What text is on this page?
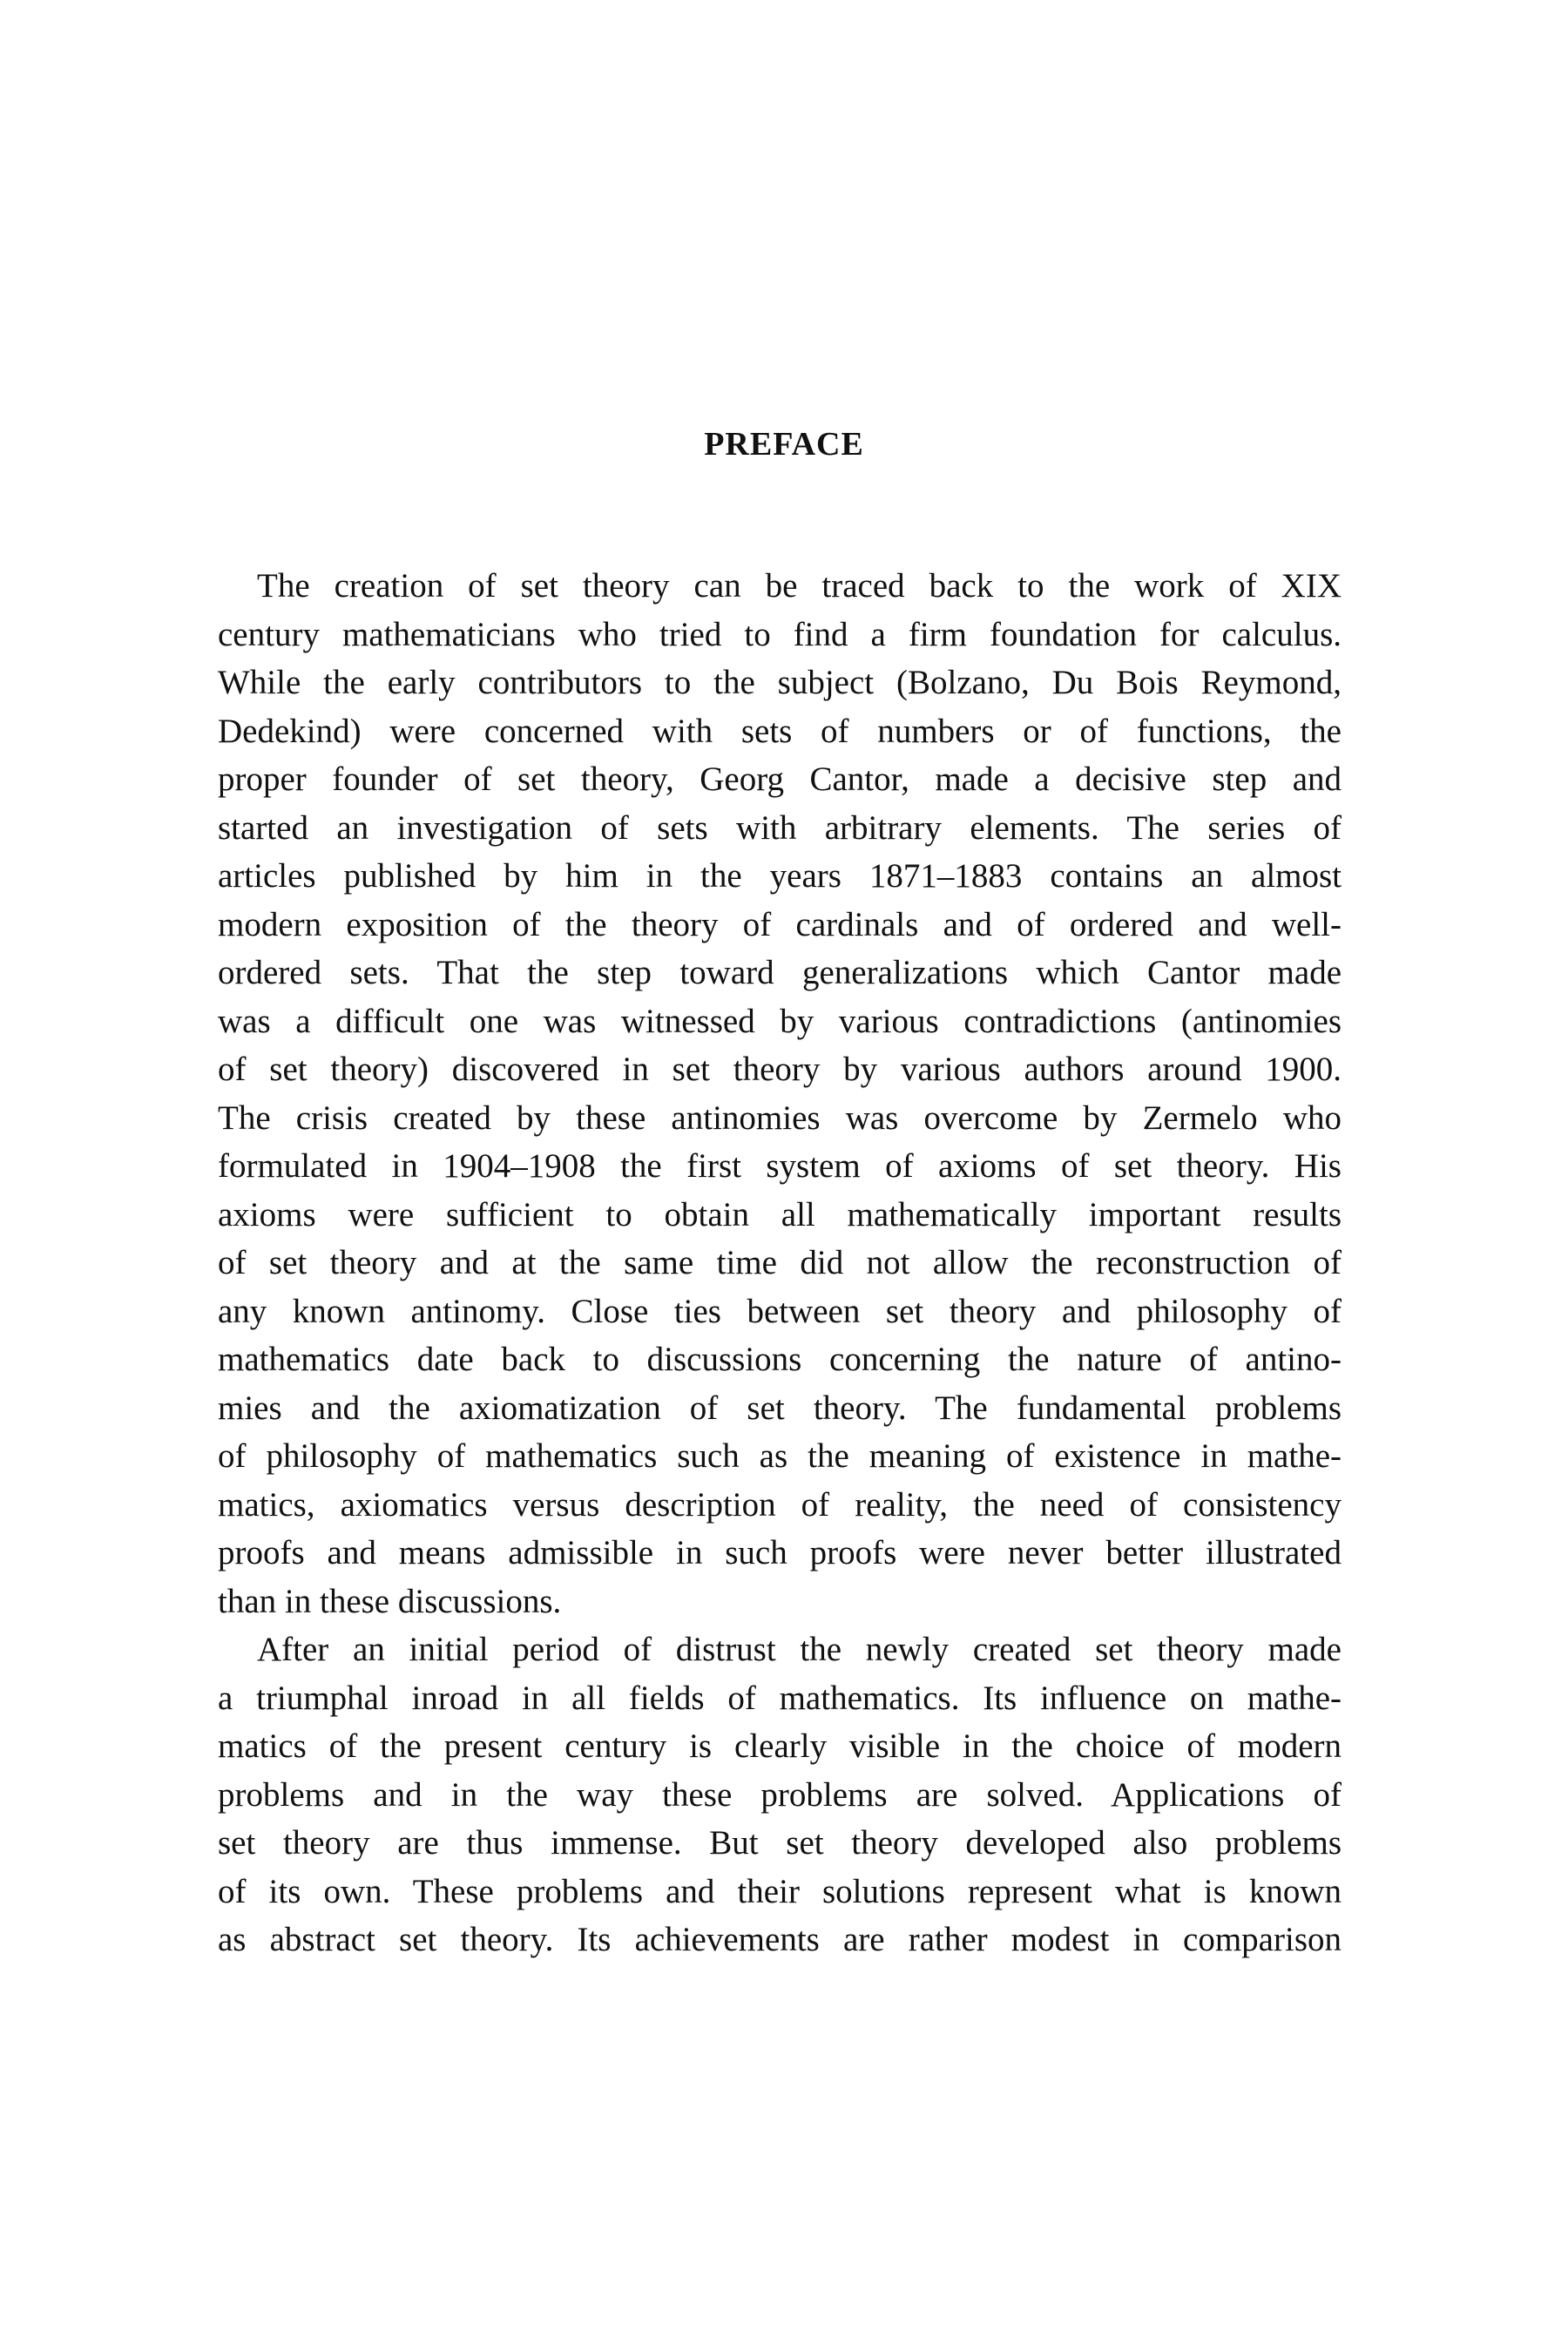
PREFACE
The creation of set theory can be traced back to the work of XIX
century mathematicians who tried to find a firm foundation for calculus.
While the early contributors to the subject (Bolzano, Du Bois Reymond,
Dedekind) were concerned with sets of numbers or of functions, the
proper founder of set theory, Georg Cantor, made a decisive step and
started an investigation of sets with arbitrary elements. The series of
articles published by him in the years 1871–1883 contains an almost
modern exposition of the theory of cardinals and of ordered and well-
ordered sets. That the step toward generalizations which Cantor made
was a difficult one was witnessed by various contradictions (antinomies
of set theory) discovered in set theory by various authors around 1900.
The crisis created by these antinomies was overcome by Zermelo who
formulated in 1904–1908 the first system of axioms of set theory. His
axioms were sufficient to obtain all mathematically important results
of set theory and at the same time did not allow the reconstruction of
any known antinomy. Close ties between set theory and philosophy of
mathematics date back to discussions concerning the nature of antino-
mies and the axiomatization of set theory. The fundamental problems
of philosophy of mathematics such as the meaning of existence in mathe-
matics, axiomatics versus description of reality, the need of consistency
proofs and means admissible in such proofs were never better illustrated
than in these discussions.
After an initial period of distrust the newly created set theory made
a triumphal inroad in all fields of mathematics. Its influence on mathe-
matics of the present century is clearly visible in the choice of modern
problems and in the way these problems are solved. Applications of
set theory are thus immense. But set theory developed also problems
of its own. These problems and their solutions represent what is known
as abstract set theory. Its achievements are rather modest in comparison
